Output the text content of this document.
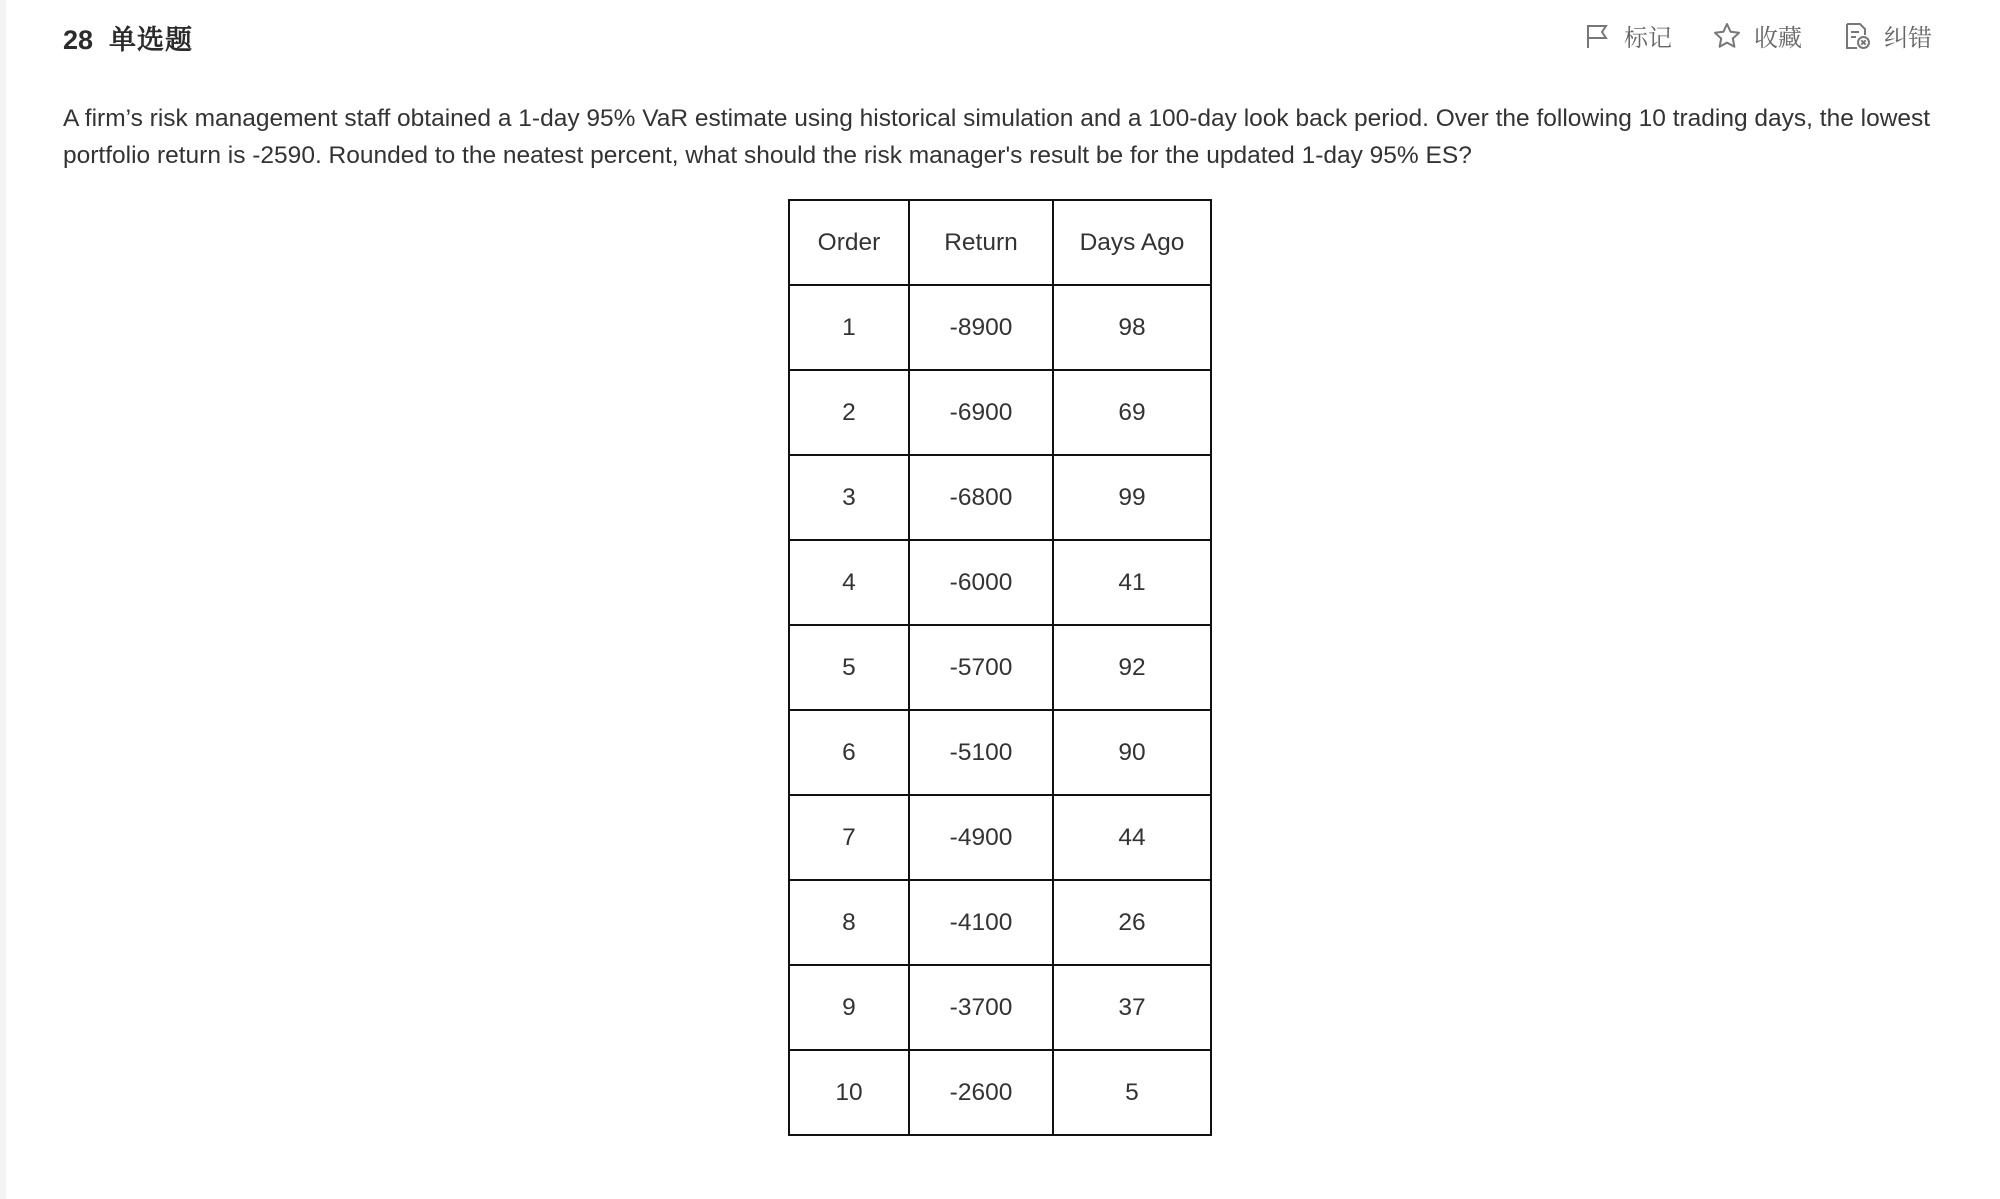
28 单选题	标记	收藏	纠错
A firm’s risk management staff obtained a 1-day 95% VaR estimate using historical simulation and a 100-day look back period. Over the following 10 trading days, the lowest portfolio return is -2590. Rounded to the neatest percent, what should the risk manager's result be for the updated 1-day 95% ES?
Order	Return	Days Ago
1	-8900	98
2	-6900	69
3	-6800	99
4	-6000	41
5	-5700	92
6	-5100	90
7	-4900	44
8	-4100	26
9	-3700	37
10	-2600	5
